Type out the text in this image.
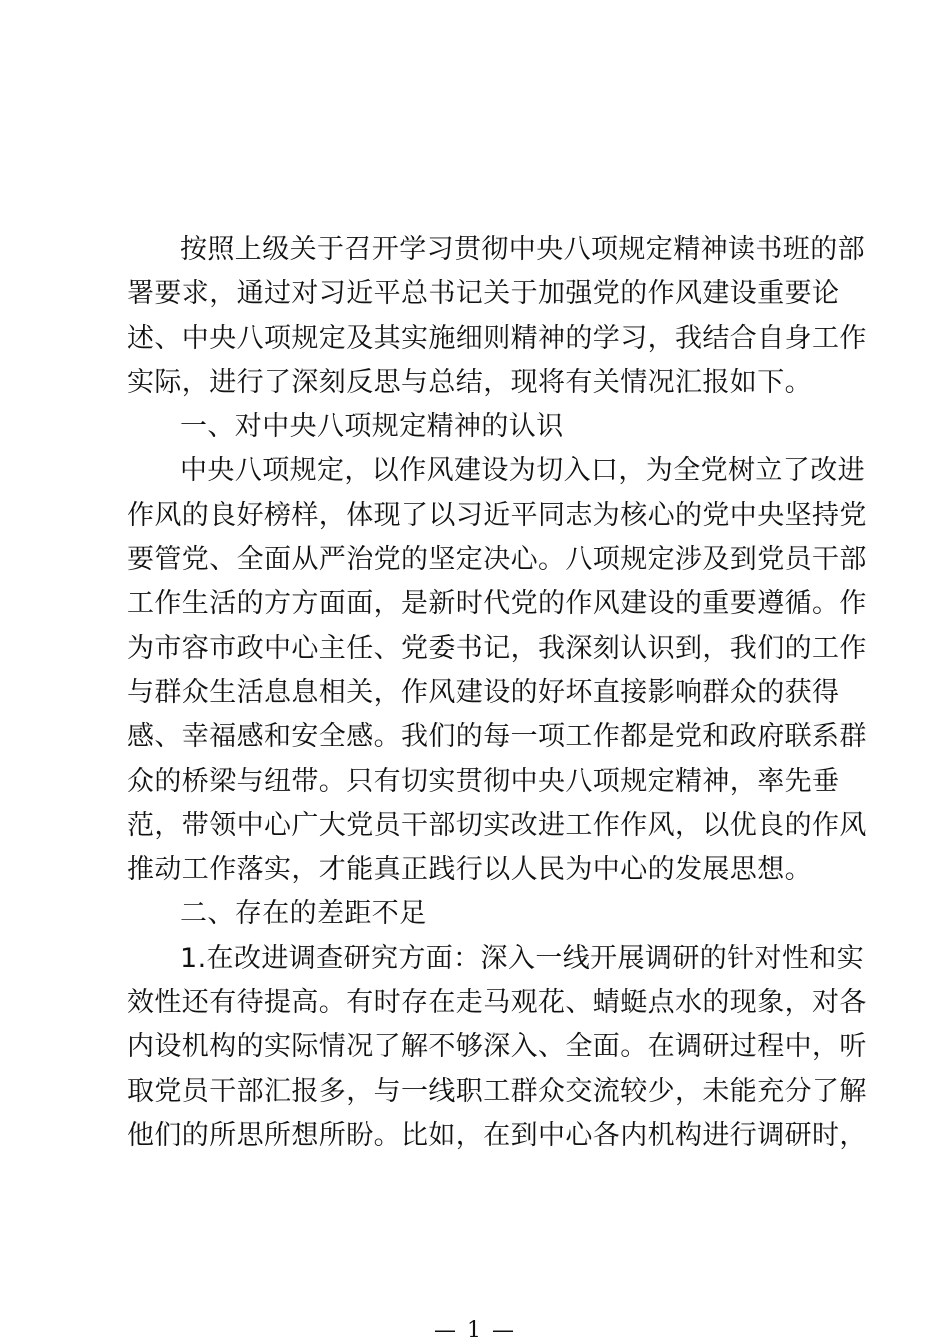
按照上级关于召开学习贯彻中央八项规定精神读书班的部
署要求，通过对习近平总书记关于加强党的作风建设重要论
述、中央八项规定及其实施细则精神的学习，我结合自身工作
实际，进行了深刻反思与总结，现将有关情况汇报如下。
一、对中央八项规定精神的认识
中央八项规定，以作风建设为切入口，为全党树立了改进
作风的良好榜样，体现了以习近平同志为核心的党中央坚持党
要管党、全面从严治党的坚定决心。八项规定涉及到党员干部
工作生活的方方面面，是新时代党的作风建设的重要遵循。作
为市容市政中心主任、党委书记，我深刻认识到，我们的工作
与群众生活息息相关，作风建设的好坏直接影响群众的获得
感、幸福感和安全感。我们的每一项工作都是党和政府联系群
众的桥梁与纽带。只有切实贯彻中央八项规定精神，率先垂
范，带领中心广大党员干部切实改进工作作风，以优良的作风
推动工作落实，才能真正践行以人民为中心的发展思想。
二、存在的差距不足
1.在改进调查研究方面：深入一线开展调研的针对性和实
效性还有待提高。有时存在走马观花、蜻蜓点水的现象，对各
内设机构的实际情况了解不够深入、全面。在调研过程中，听
取党员干部汇报多，与一线职工群众交流较少，未能充分了解
他们的所思所想所盼。比如，在到中心各内机构进行调研时，
— 1 —
